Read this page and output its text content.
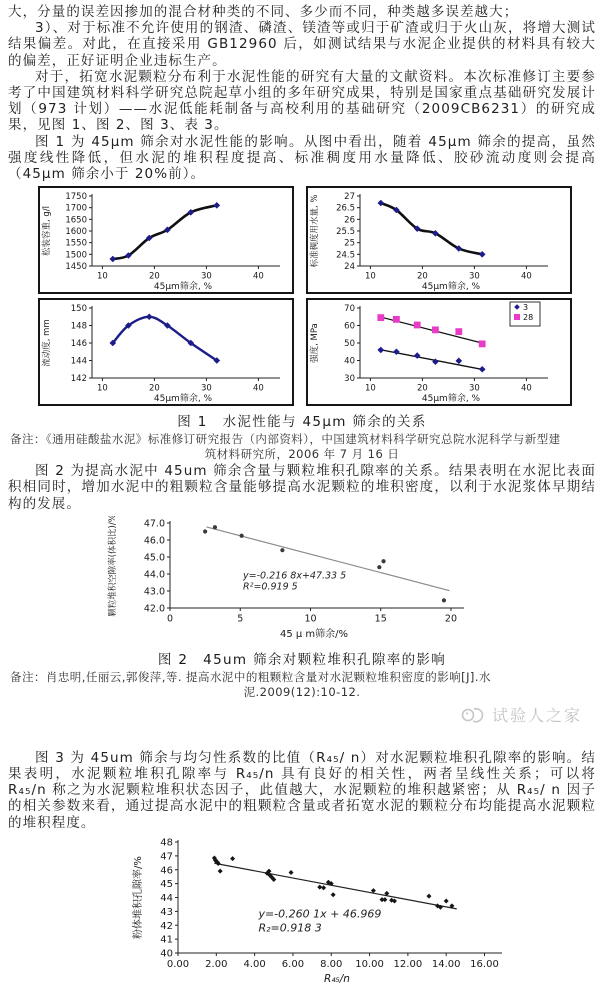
大，分量的误差因掺加的混合材种类的不同、多少而不同，种类越多误差越大；
3）、对于标准不允许使用的钢渣、磷渣、镁渣等或归于矿渣或归于火山灰，将增大测试结果偏差。对此，在直接采用 GB12960 后，如测试结果与水泥企业提供的材料具有较大的偏差，正好证明企业违标生产。
对于，拓宽水泥颗粒分布利于水泥性能的研究有大量的文献资料。本次标准修订主要参考了中国建筑材料科学研究总院起草小组的多年研究成果，特别是国家重点基础研究发展计划（973 计划）——水泥低能耗制备与高校利用的基础研究（2009CB6231）的研究成果，见图 1、图 2、图 3、表 3。
图 1 为 45μm 筛余对水泥性能的影响。从图中看出，随着 45μm 筛余的提高，虽然强度线性降低，但水泥的堆积程度提高、标准稠度用水量降低、胶砂流动度则会提高（45μm 筛余小于 20%前）。
10	20	30	40
1450
1500
1550
1600
1650
1700
1750
45μm筛余, %
松装容重, g/l
10	20	30	40
24
24.5
25
25.5
26
26.5
27
45μm筛余, %
标准稠度用水量, %
10	20	30	40
142
144
146
148
150
45μm筛余, %
流动度, mm
10	20	30	40
30
40
50
60
70
45μm筛余, %
强度, MPa
3
28
图 1　水泥性能与 45μm 筛余的关系
备注：《通用硅酸盐水泥》标准修订研究报告（内部资料），中国建筑材料科学研究总院水泥科学与新型建
筑材料研究所，2006 年 7 月 16 日
图 2 为提高水泥中 45um 筛余含量与颗粒堆积孔隙率的关系。结果表明在水泥比表面积相同时，增加水泥中的粗颗粒含量能够提高水泥颗粒的堆积密度，以利于水泥浆体早期结构的发展。
0	5	10	15	20
42.0
43.0
44.0
45.0
46.0
47.0
45 μ m筛余/%
颗粒堆积空隙率(体积比)/%	y=-0.216 8x+47.33 5
R²=0.919 5
图 2　45um 筛余对颗粒堆积孔隙率的影响
备注：肖忠明,任丽云,郭俊萍,等. 提高水泥中的粗颗粒含量对水泥颗粒堆积密度的影响[J].水
泥.2009(12):10-12.
试验人之家
图 3 为 45um 筛余与均匀性系数的比值（R₄₅/ n）对水泥颗粒堆积孔隙率的影响。结果表明，水泥颗粒堆积孔隙率与 R₄₅/n 具有良好的相关性，两者呈线性关系；可以将 R₄₅/n 称之为水泥颗粒堆积状态因子，此值越大，水泥颗粒的堆积越紧密；从 R₄₅/ n 因子的相关参数来看，通过提高水泥中的粗颗粒含量或者拓宽水泥的颗粒分布均能提高水泥颗粒的堆积程度。
0.00 2.00 4.00 6.00 8.00 10.00 12.00 14.00 16.00
40
41
42
43
44
45
46
47
48
R₄₅/n
粉体堆积孔隙率/%	y=-0.260 1x + 46.969
R₂=0.918 3
